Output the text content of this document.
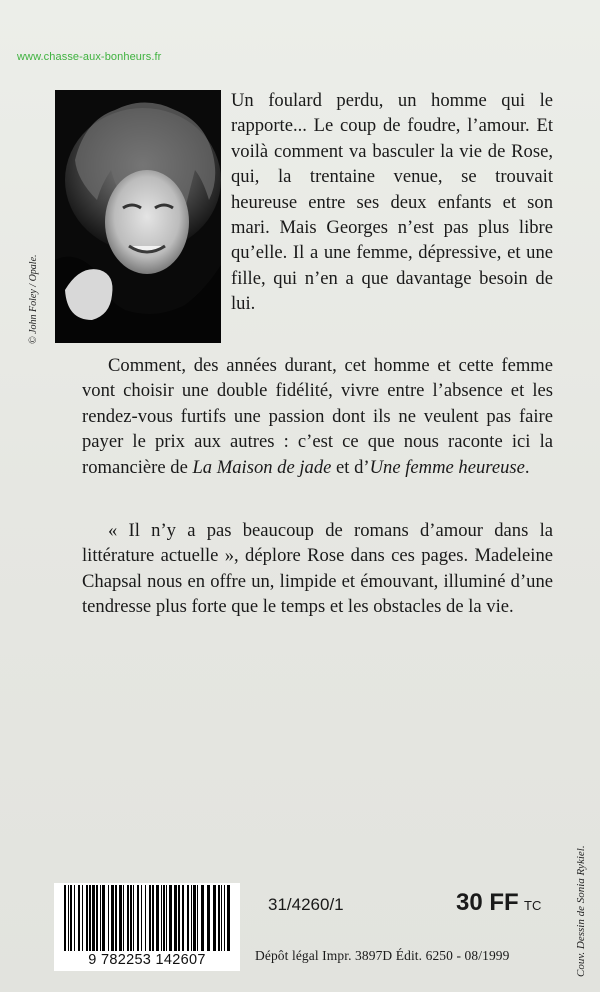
www.chasse-aux-bonheurs.fr
© John Foley / Opale.
Un foulard perdu, un homme qui le rapporte... Le coup de foudre, l’amour. Et voilà comment va basculer la vie de Rose, qui, la trentaine venue, se trouvait heureuse entre ses deux enfants et son mari. Mais Georges n’est pas plus libre qu’elle. Il a une femme, dépressive, et une fille, qui n’en a que davantage besoin de lui.

Comment, des années durant, cet homme et cette femme vont choisir une double fidélité, vivre entre l’absence et les rendez-vous furtifs une passion dont ils ne veulent pas faire payer le prix aux autres : c’est ce que nous raconte ici la romancière de La Maison de jade et d’Une femme heureuse.

« Il n’y a pas beaucoup de romans d’amour dans la littérature actuelle », déplore Rose dans ces pages. Madeleine Chapsal nous en offre un, limpide et émouvant, illuminé d’une tendresse plus forte que le temps et les obstacles de la vie.

9 782253 142607
31/4260/1	30 FF TC
Dépôt légal Impr. 3897D Édit. 6250 - 08/1999	Couv. Dessin de Sonia Rykiel.
